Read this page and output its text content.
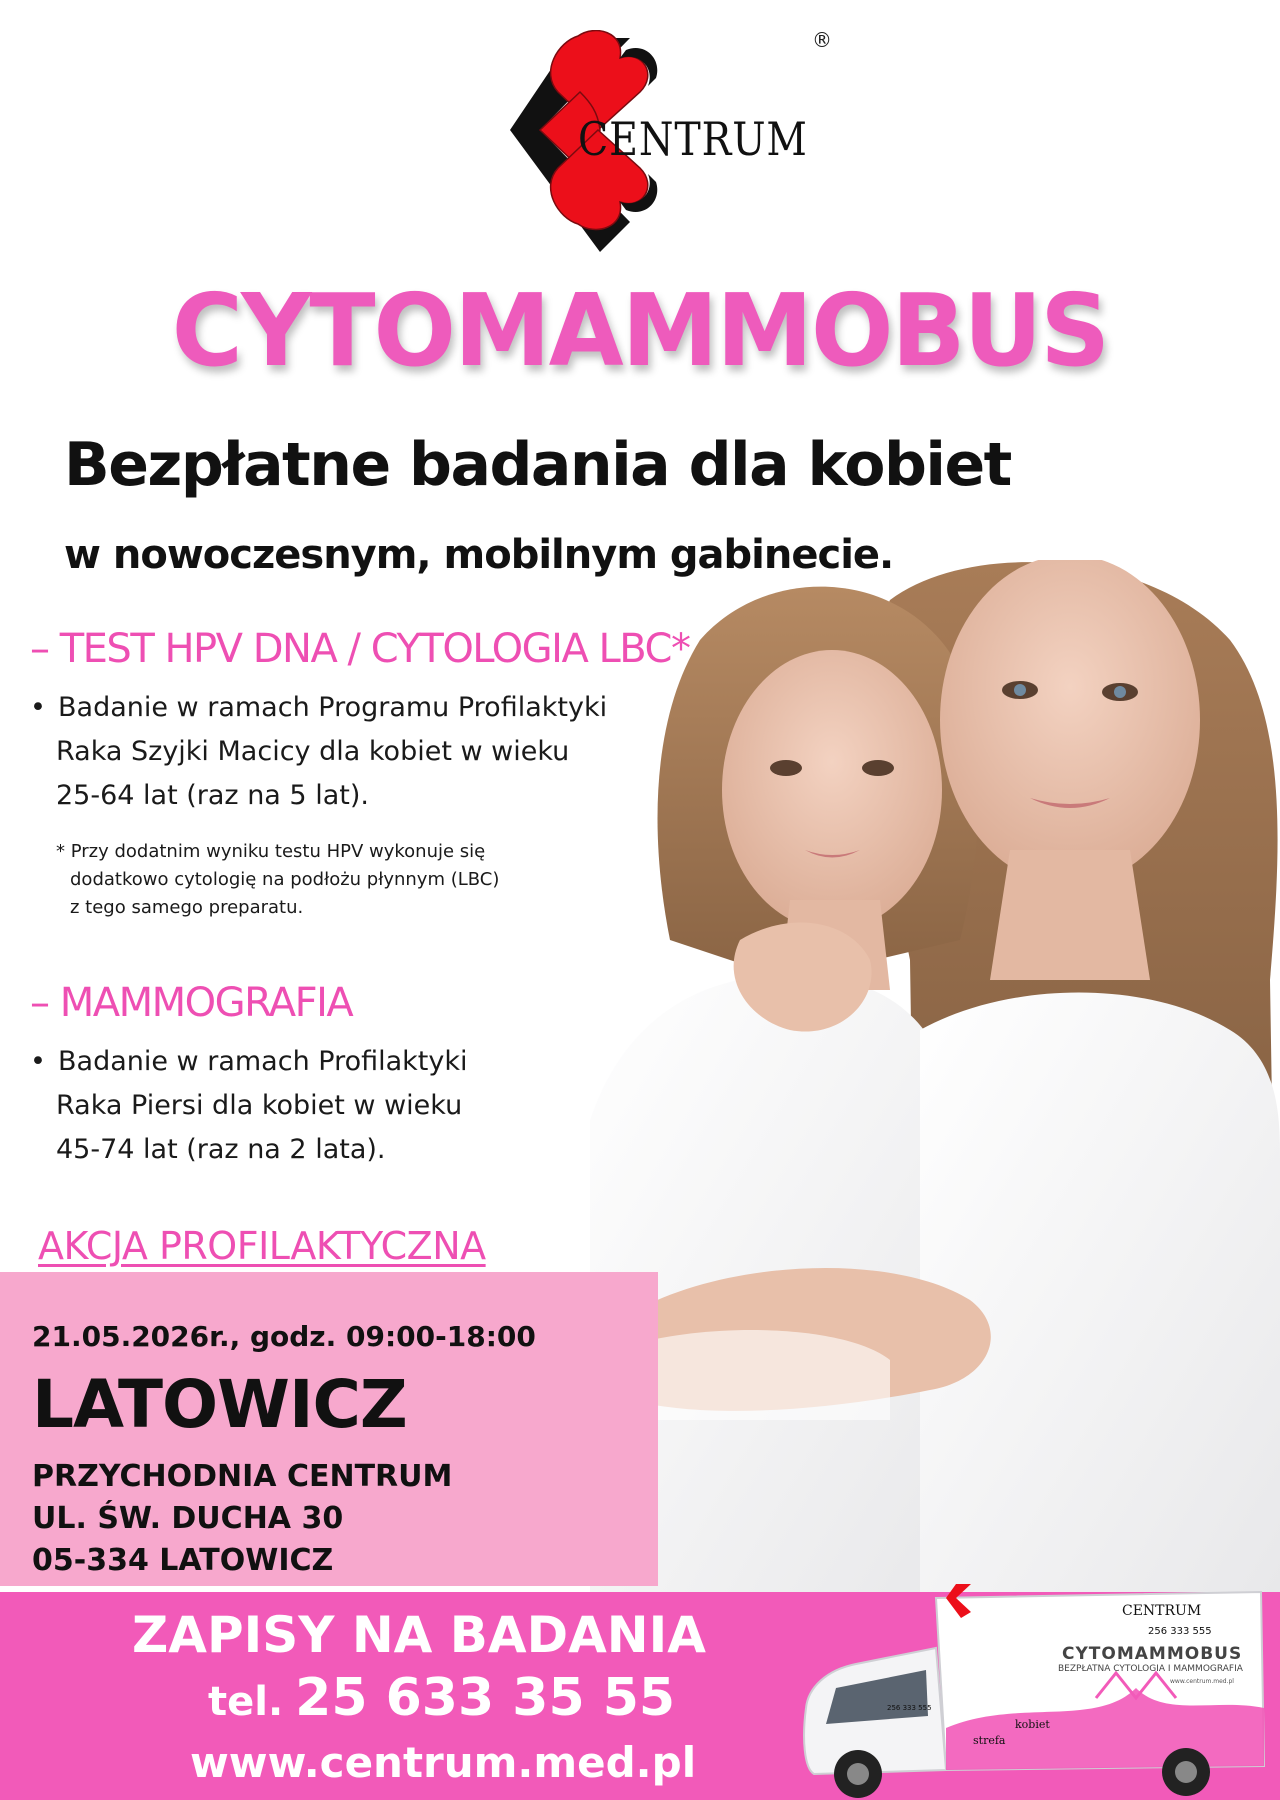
CENTRUM
®
CYTOMAMMOBUS
Bezpłatne badania dla kobiet
w nowoczesnym, mobilnym gabinecie.
– TEST HPV DNA / CYTOLOGIA LBC*
• Badanie w ramach Programu Profilaktyki
Raka Szyjki Macicy dla kobiet w wieku
25-64 lat (raz na 5 lat).
* Przy dodatnim wyniku testu HPV wykonuje się
dodatkowo cytologię na podłożu płynnym (LBC)
z tego samego preparatu.
– MAMMOGRAFIA
• Badanie w ramach Profilaktyki
Raka Piersi dla kobiet w wieku
45-74 lat (raz na 2 lata).
AKCJA PROFILAKTYCZNA
21.05.2026r., godz. 09:00-18:00
LATOWICZ
PRZYCHODNIA CENTRUM
UL. ŚW. DUCHA 30
05-334 LATOWICZ
ZAPISY NA BADANIA
tel. 25 633 35 55
www.centrum.med.pl
CENTRUM
256 333 555
CYTOMAMMOBUS
BEZPŁATNA CYTOLOGIA I MAMMOGRAFIA
www.centrum.med.pl
256 333 555
strefa
kobiet
